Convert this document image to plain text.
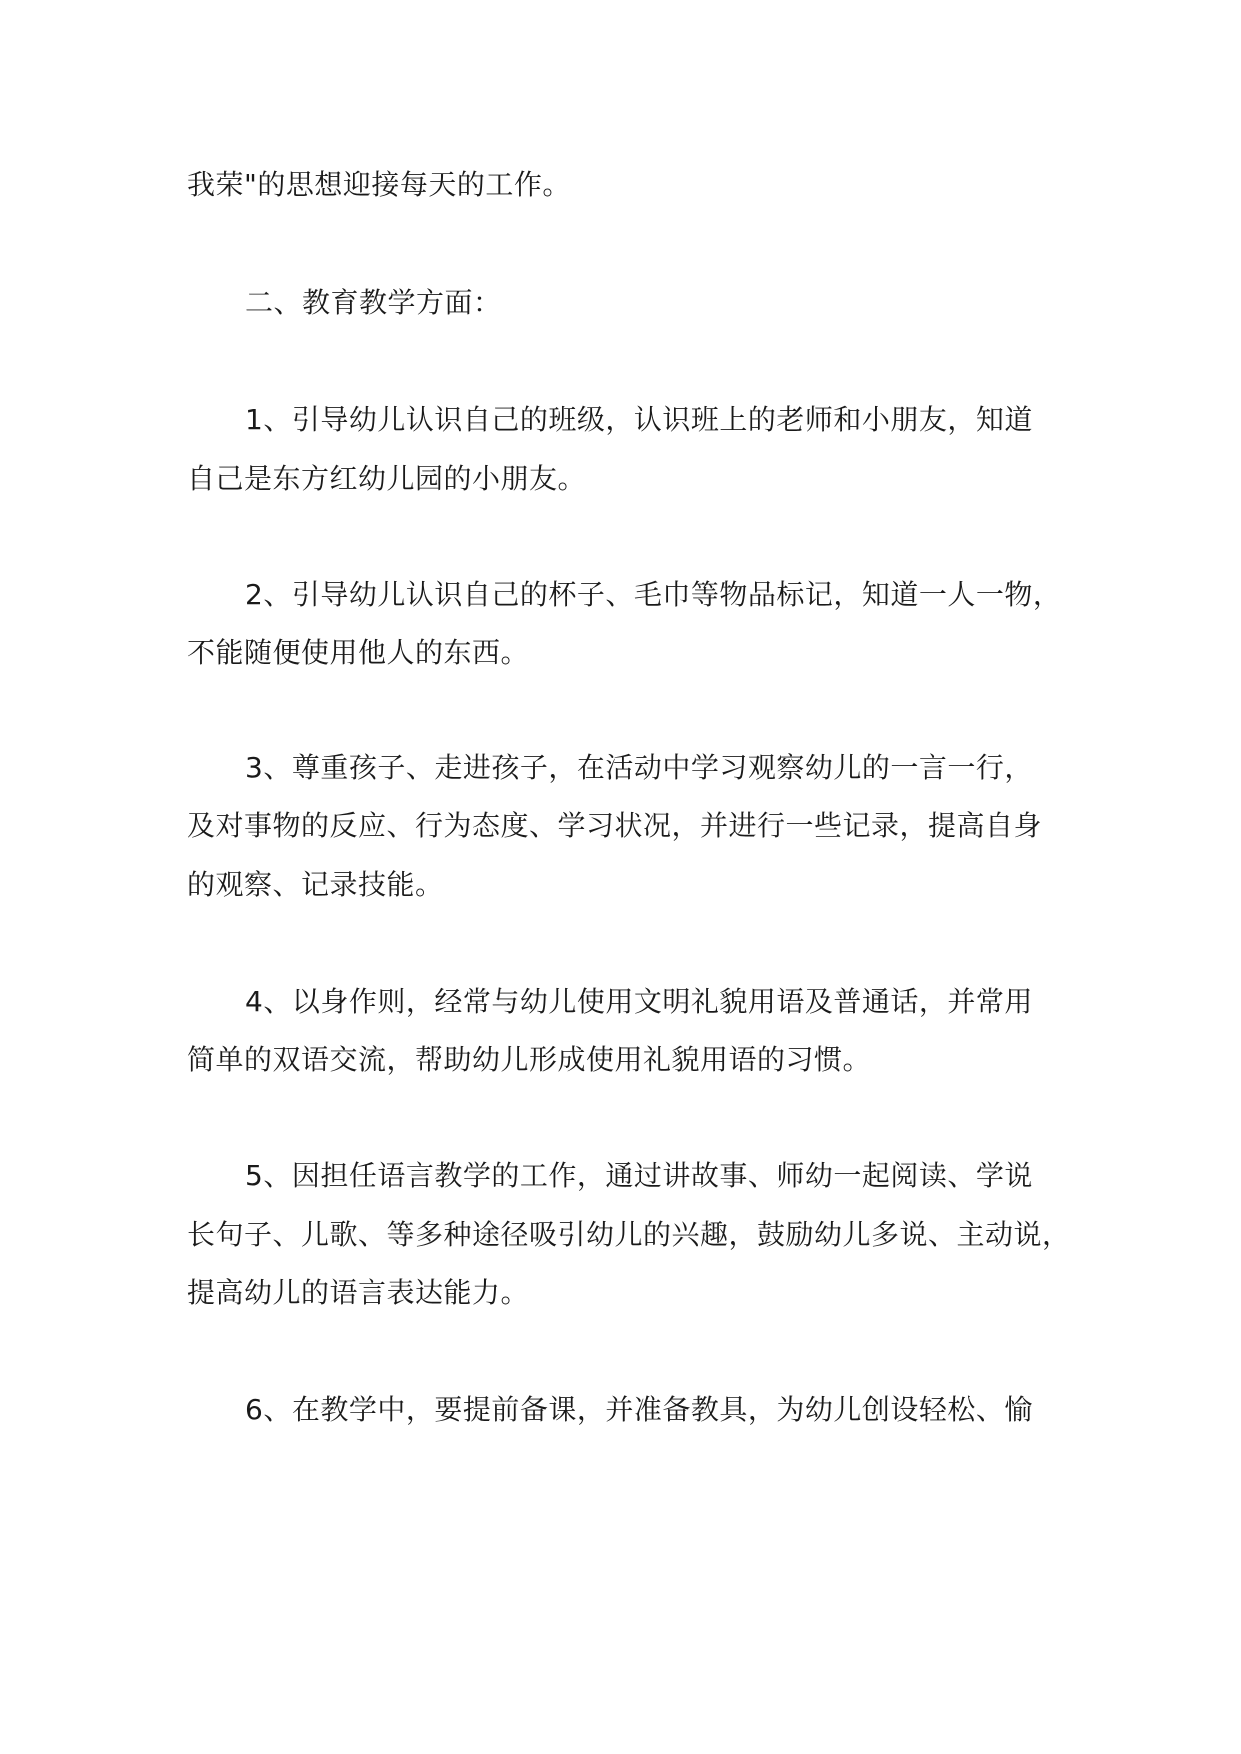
我荣"的思想迎接每天的工作。
二、教育教学方面：
1、引导幼儿认识自己的班级，认识班上的老师和小朋友，知道
自己是东方红幼儿园的小朋友。
2、引导幼儿认识自己的杯子、毛巾等物品标记，知道一人一物，
不能随便使用他人的东西。
3、尊重孩子、走进孩子，在活动中学习观察幼儿的一言一行，
及对事物的反应、行为态度、学习状况，并进行一些记录，提高自身
的观察、记录技能。
4、以身作则，经常与幼儿使用文明礼貌用语及普通话，并常用
简单的双语交流，帮助幼儿形成使用礼貌用语的习惯。
5、因担任语言教学的工作，通过讲故事、师幼一起阅读、学说
长句子、儿歌、等多种途径吸引幼儿的兴趣，鼓励幼儿多说、主动说，
提高幼儿的语言表达能力。
6、在教学中，要提前备课，并准备教具，为幼儿创设轻松、愉
